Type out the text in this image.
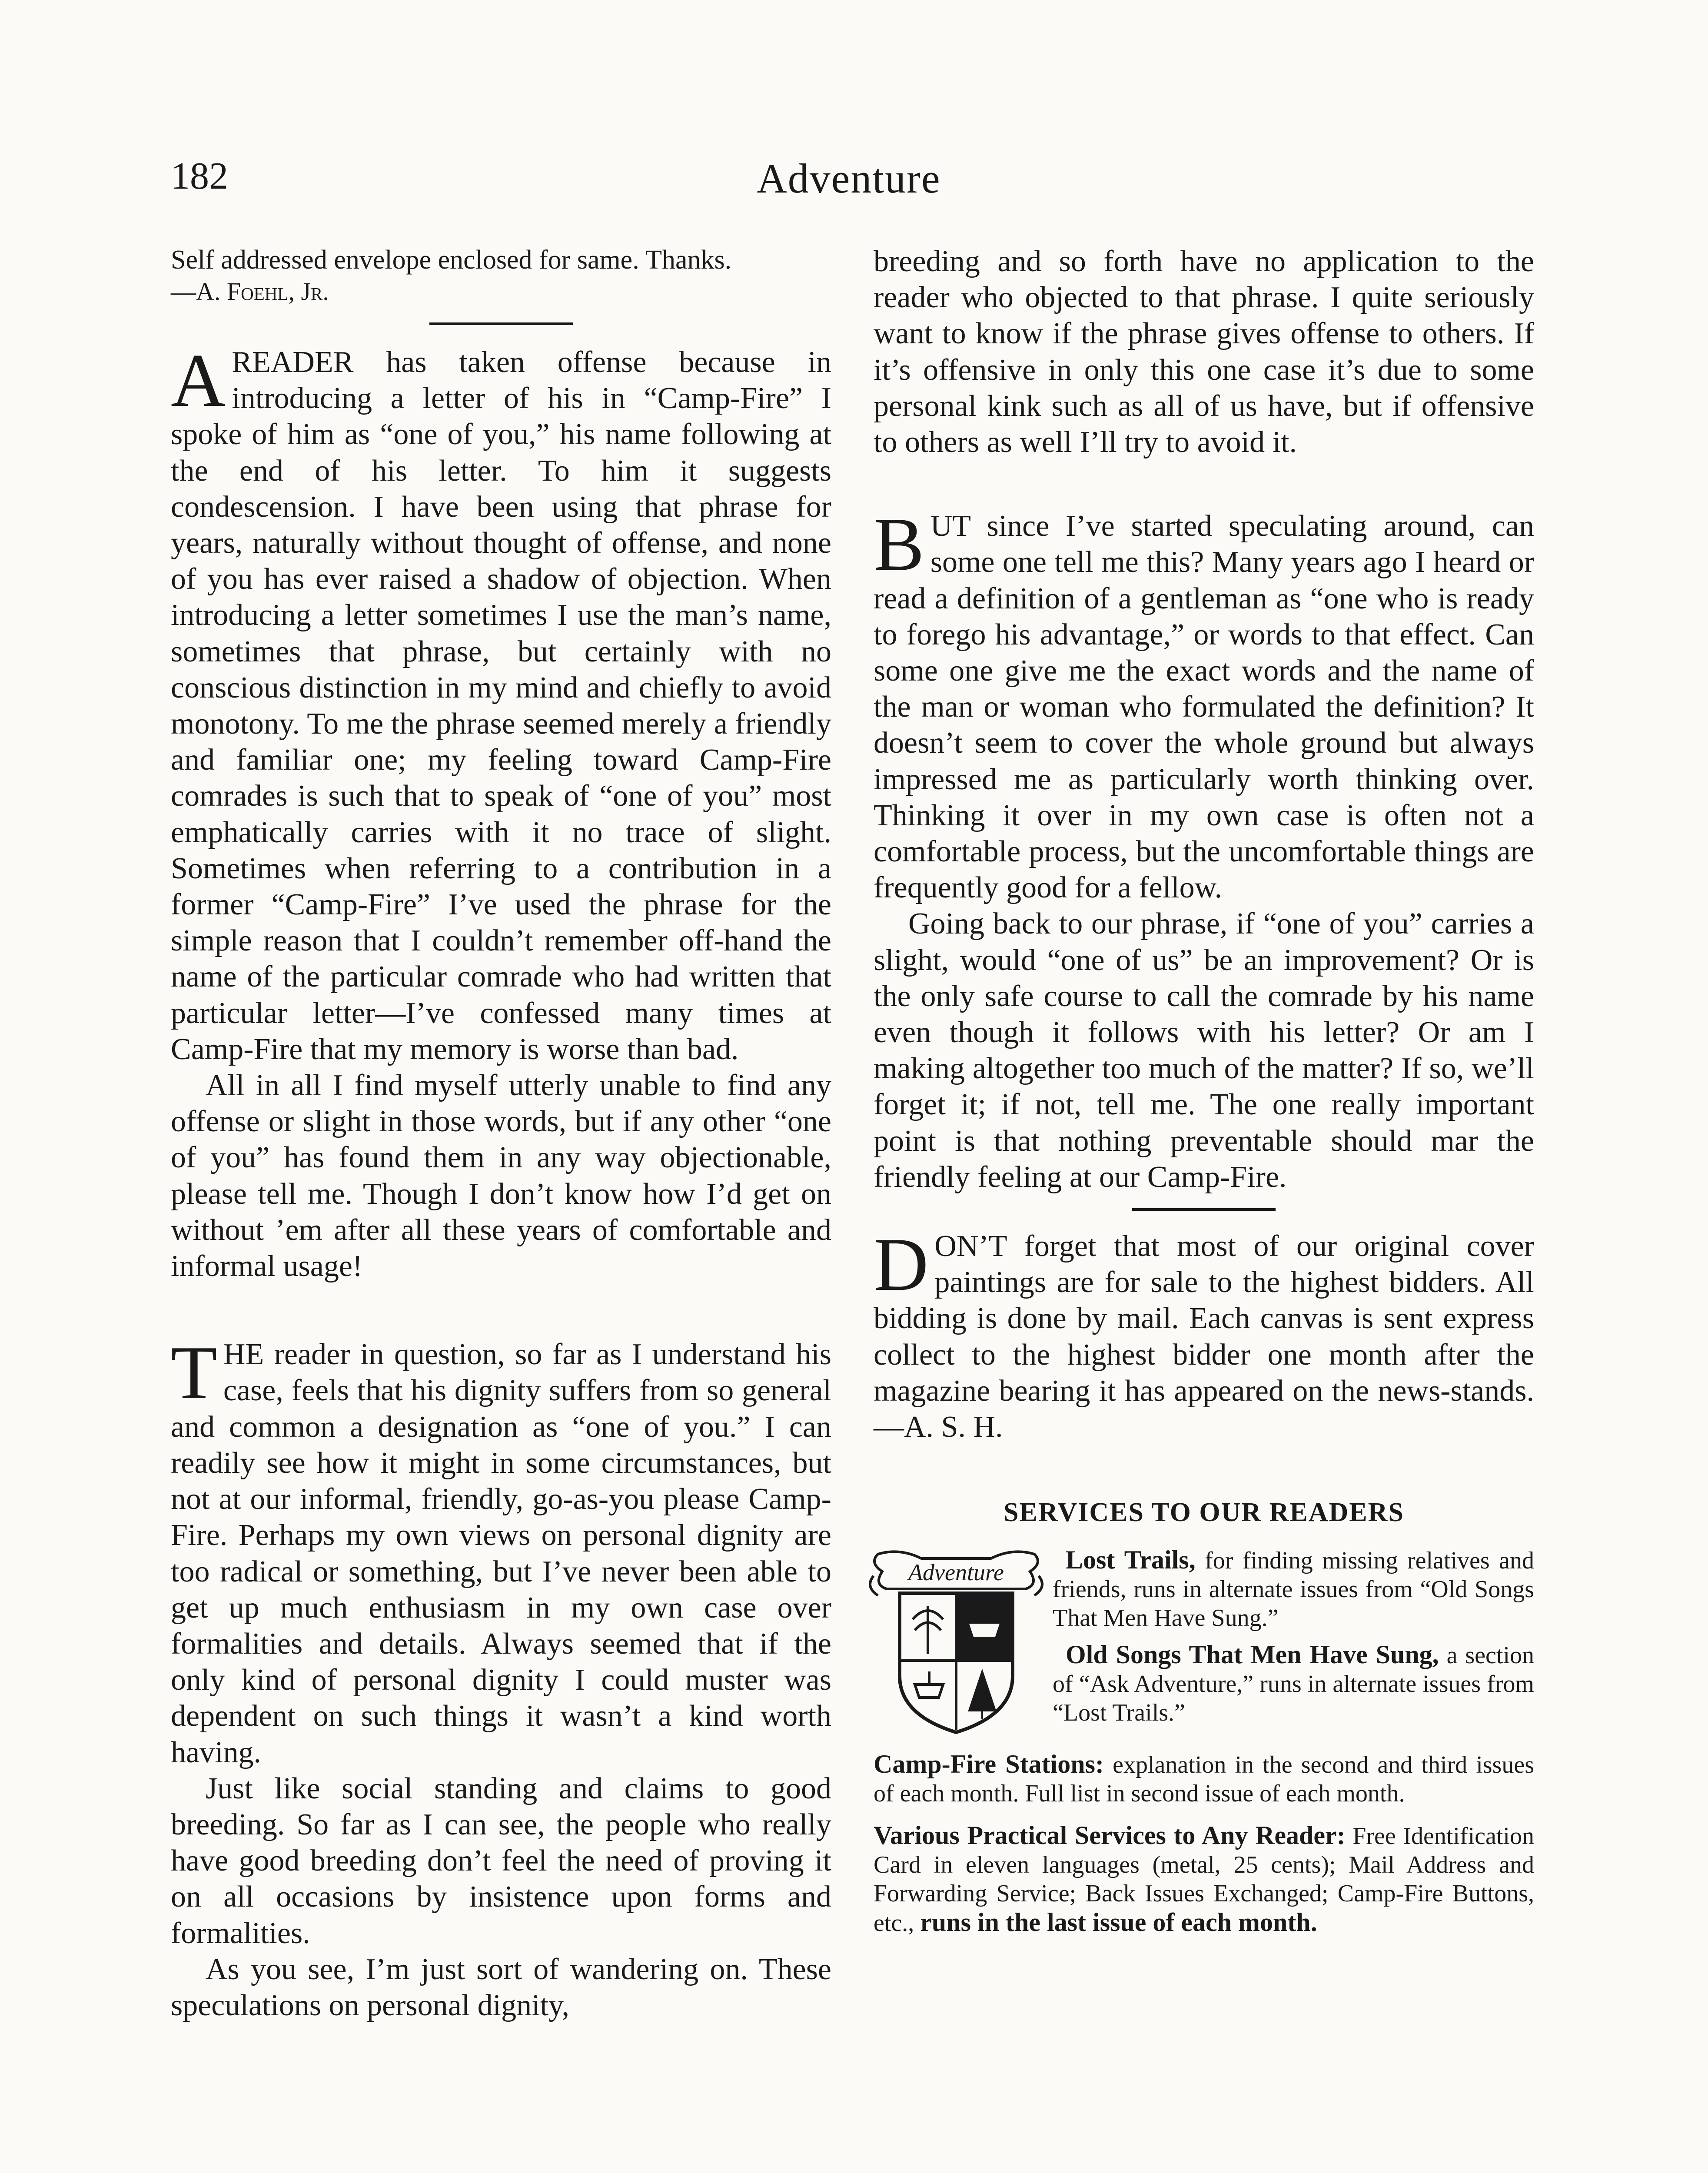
182	Adventure

Self addressed envelope enclosed for same. Thanks.

—A. Foehl, Jr.

AREADER has taken offense because in introducing a letter of his in “Camp-Fire” I spoke of him as “one of you,” his name following at the end of his letter. To him it suggests condescension. I have been using that phrase for years, naturally without thought of offense, and none of you has ever raised a shadow of objection. When introducing a letter sometimes I use the man’s name, sometimes that phrase, but certainly with no conscious distinction in my mind and chiefly to avoid monotony. To me the phrase seemed merely a friendly and familiar one; my feeling toward Camp-Fire comrades is such that to speak of “one of you” most emphatically carries with it no trace of slight. Sometimes when referring to a contribution in a former “Camp-Fire” I’ve used the phrase for the simple reason that I couldn’t remember off-hand the name of the particular comrade who had written that particular letter—I’ve confessed many times at Camp-Fire that my memory is worse than bad.

All in all I find myself utterly unable to find any offense or slight in those words, but if any other “one of you” has found them in any way objectionable, please tell me. Though I don’t know how I’d get on without ’em after all these years of comfortable and informal usage!

THE reader in question, so far as I understand his case, feels that his dignity suffers from so general and common a designation as “one of you.” I can readily see how it might in some circumstances, but not at our informal, friendly, go-as-you please Camp-Fire. Perhaps my own views on personal dignity are too radical or something, but I’ve never been able to get up much enthusiasm in my own case over formalities and details. Always seemed that if the only kind of personal dignity I could muster was dependent on such things it wasn’t a kind worth having.

Just like social standing and claims to good breeding. So far as I can see, the people who really have good breeding don’t feel the need of proving it on all occasions by insistence upon forms and formalities.

As you see, I’m just sort of wandering on. These speculations on personal dignity,

breeding and so forth have no application to the reader who objected to that phrase. I quite seriously want to know if the phrase gives offense to others. If it’s offensive in only this one case it’s due to some personal kink such as all of us have, but if offensive to others as well I’ll try to avoid it.

BUT since I’ve started speculating around, can some one tell me this? Many years ago I heard or read a definition of a gentleman as “one who is ready to forego his advantage,” or words to that effect. Can some one give me the exact words and the name of the man or woman who formulated the definition? It doesn’t seem to cover the whole ground but always impressed me as particularly worth thinking over. Thinking it over in my own case is often not a comfortable process, but the uncomfortable things are frequently good for a fellow.

Going back to our phrase, if “one of you” carries a slight, would “one of us” be an improvement? Or is the only safe course to call the comrade by his name even though it follows with his letter? Or am I making altogether too much of the matter? If so, we’ll forget it; if not, tell me. The one really important point is that nothing preventable should mar the friendly feeling at our Camp-Fire.

DON’T forget that most of our original cover paintings are for sale to the highest bidders. All bidding is done by mail. Each canvas is sent express collect to the highest bidder one month after the magazine bearing it has appeared on the news-stands.—A. S. H.

SERVICES TO OUR READERS

Adventure	Lost Trails, for finding missing relatives and friends, runs in alternate issues from “Old Songs That Men Have Sung.”

Old Songs That Men Have Sung, a section of “Ask Adventure,” runs in alternate issues from “Lost Trails.”

Camp-Fire Stations: explanation in the second and third issues of each month. Full list in second issue of each month.

Various Practical Services to Any Reader: Free Identification Card in eleven languages (metal, 25 cents); Mail Address and Forwarding Service; Back Issues Exchanged; Camp-Fire Buttons, etc., runs in the last issue of each month.
